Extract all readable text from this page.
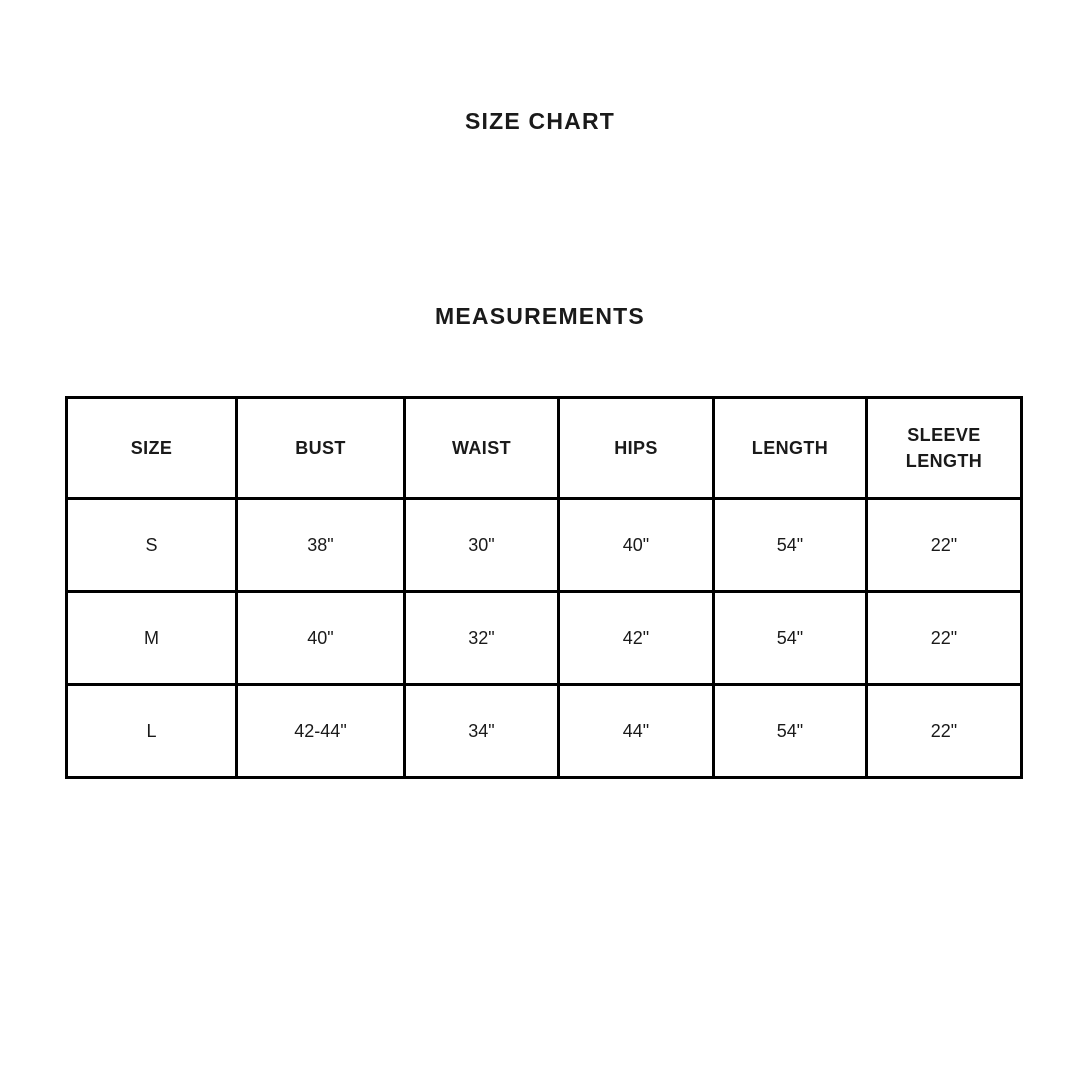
SIZE CHART
MEASUREMENTS
SIZE	BUST	WAIST	HIPS	LENGTH	SLEEVE LENGTH
S	38"	30"	40"	54"	22"
M	40"	32"	42"	54"	22"
L	42-44"	34"	44"	54"	22"
